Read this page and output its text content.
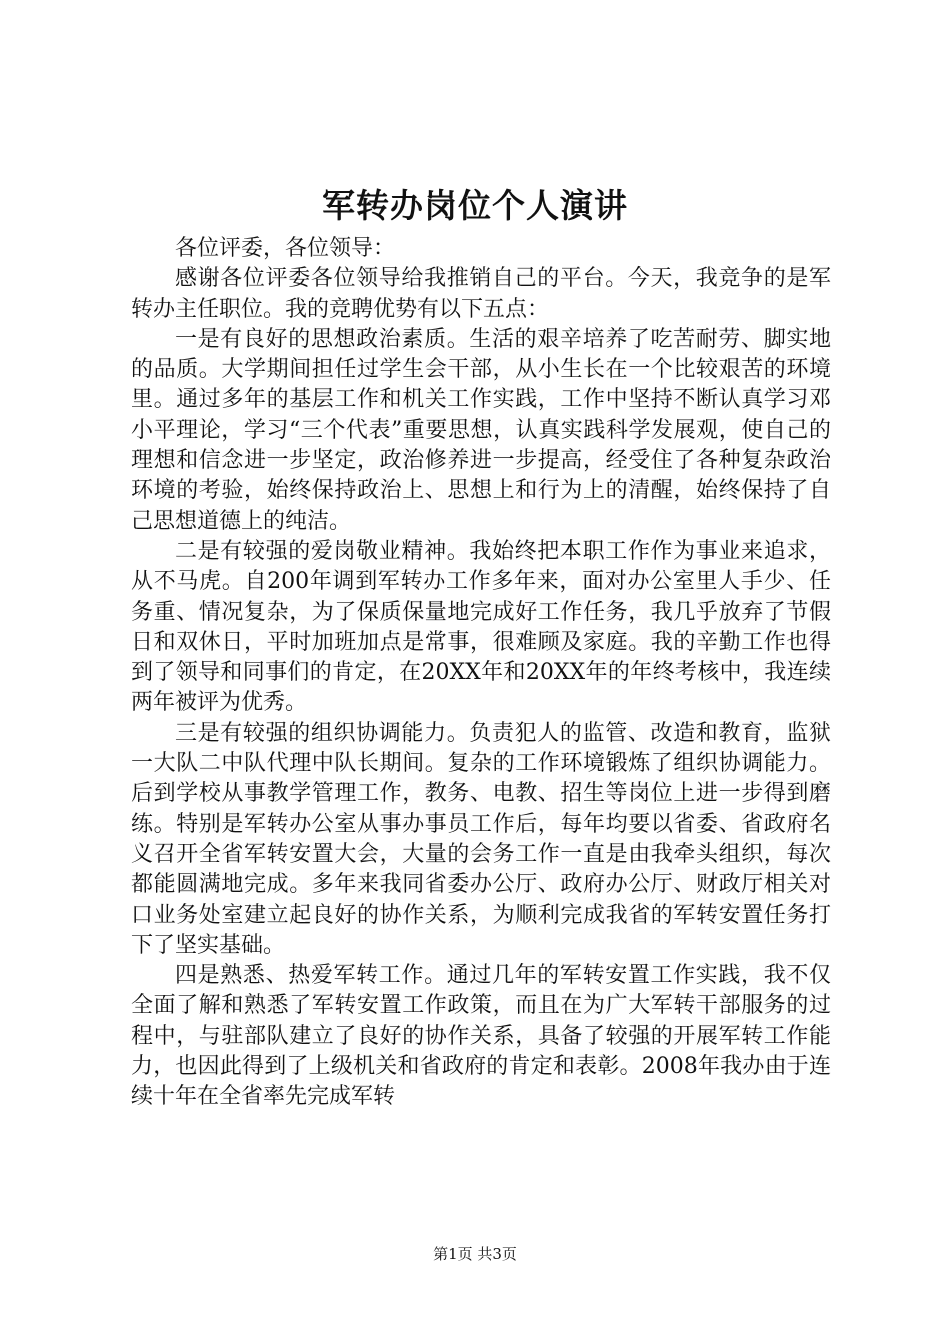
军转办岗位个人演讲

各位评委，各位领导：

感谢各位评委各位领导给我推销自己的平台。今天，我竞争的是军转办主任职位。我的竞聘优势有以下五点：

一是有良好的思想政治素质。生活的艰辛培养了吃苦耐劳、脚实地的品质。大学期间担任过学生会干部，从小生长在一个比较艰苦的环境里。通过多年的基层工作和机关工作实践，工作中坚持不断认真学习邓小平理论，学习“三个代表”重要思想，认真实践科学发展观，使自己的理想和信念进一步坚定，政治修养进一步提高，经受住了各种复杂政治环境的考验，始终保持政治上、思想上和行为上的清醒，始终保持了自己思想道德上的纯洁。

二是有较强的爱岗敬业精神。我始终把本职工作作为事业来追求，从不马虎。自200年调到军转办工作多年来，面对办公室里人手少、任务重、情况复杂，为了保质保量地完成好工作任务，我几乎放弃了节假日和双休日，平时加班加点是常事，很难顾及家庭。我的辛勤工作也得到了领导和同事们的肯定，在20XX年和20XX年的年终考核中，我连续两年被评为优秀。

三是有较强的组织协调能力。负责犯人的监管、改造和教育，监狱一大队二中队代理中队长期间。复杂的工作环境锻炼了组织协调能力。后到学校从事教学管理工作，教务、电教、招生等岗位上进一步得到磨练。特别是军转办公室从事办事员工作后，每年均要以省委、省政府名义召开全省军转安置大会，大量的会务工作一直是由我牵头组织，每次都能圆满地完成。多年来我同省委办公厅、政府办公厅、财政厅相关对口业务处室建立起良好的协作关系，为顺利完成我省的军转安置任务打下了坚实基础。

四是熟悉、热爱军转工作。通过几年的军转安置工作实践，我不仅全面了解和熟悉了军转安置工作政策，而且在为广大军转干部服务的过程中，与驻部队建立了良好的协作关系，具备了较强的开展军转工作能力，也因此得到了上级机关和省政府的肯定和表彰。2008年我办由于连续十年在全省率先完成军转

第1页 共3页
